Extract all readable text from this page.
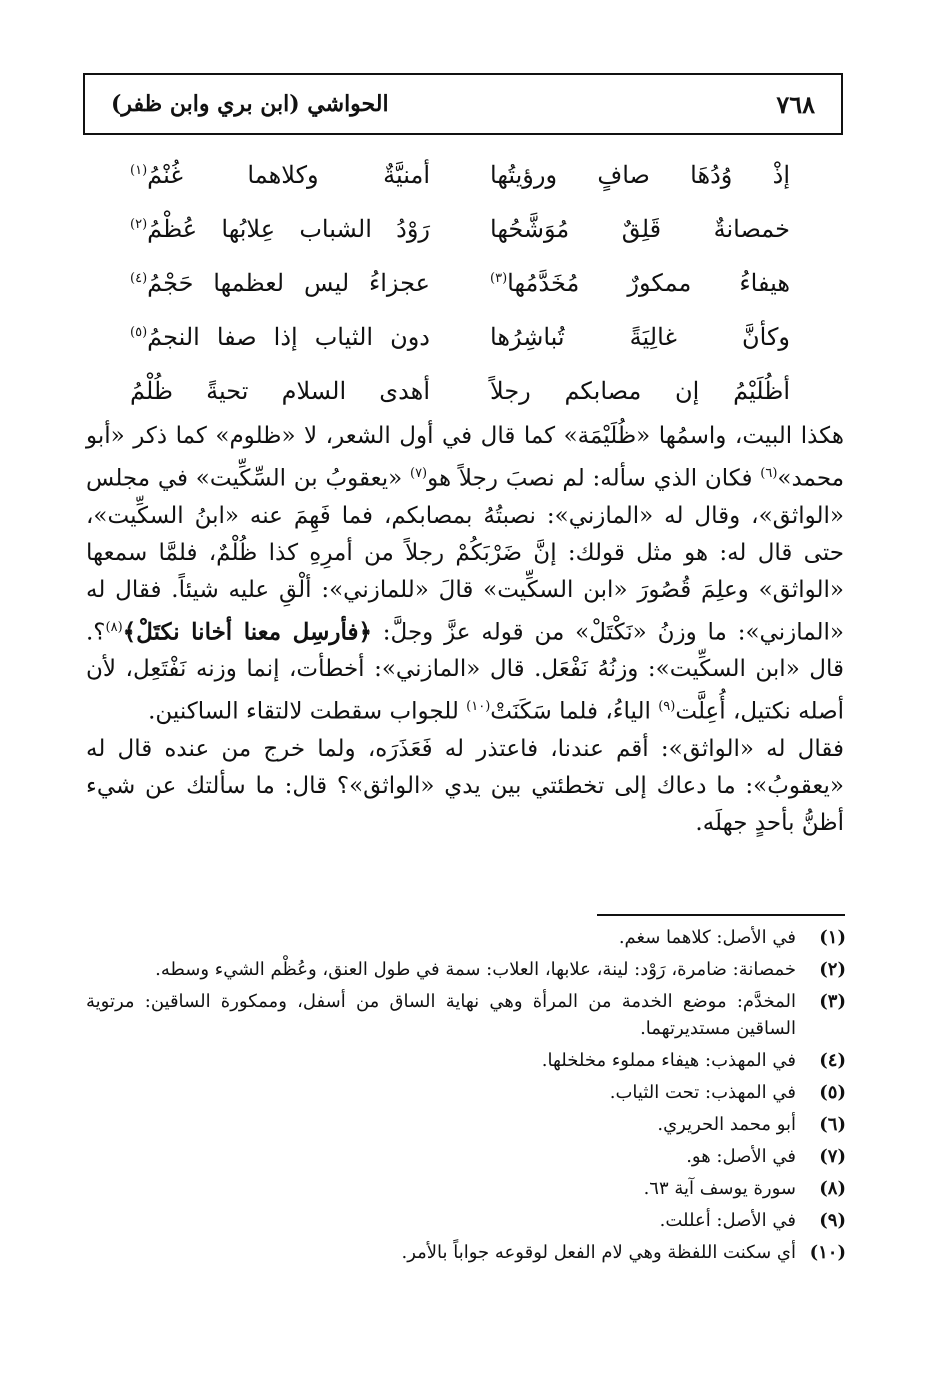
٧٦٨
الحواشي (ابن بري وابن ظفر)
إذْ وُدُهَا صافٍ ورؤيتُها
أمنيَّةٌ وكلاهما غُنْمُ$^{(١)}$
خمصانةٌ قَلِقٌ مُوَشَّحُها
رَوْدُ الشباب عِلابُها عُظْمُ$^{(٢)}$
هيفاءُ ممكورٌ مُخَدَّمُها$^{(٣)}$
عجزاءُ ليس لعظمها حَجْمُ$^{(٤)}$
وكأنَّ غالِيَةً تُباشِرُها
دون الثياب إذا صفا النجمُ$^{(٥)}$
أظُلَيْمُ إن مصابكم رجلاً
أهدى السلام تحيةً ظُلْمُ

هكذا البيت، واسمُها «ظُلَيْمَة» كما قال في أول الشعر، لا «ظلوم» كما ذكر «أبو محمد»$^{(٦)}$ فكان الذي سأله: لم نصبَ رجلاً هو$^{(٧)}$ «يعقوبُ بن السِّكِّيت» في مجلس «الواثق»، وقال له «المازني»: نصبتُهُ بمصابكم، فما فَهِمَ عنه «ابنُ السكِّيت»، حتى قال له: هو مثل قولك: إنَّ ضَرْبَكُمْ رجلاً من أمرِهِ كذا ظُلْمٌ، فلمَّا سمعها «الواثق» وعلِمَ قُصُورَ «ابن السكِّيت» قالَ «للمازني»: ألْقِ عليه شيئاً. فقال له «المازني»: ما وزنُ «نَكْتَلْ» من قوله عزَّ وجلَّ: ﴿فأرسِل معنا أخانا نكتَلْ﴾$^{(٨)}$؟. قال «ابن السكِّيت»: وزنُهُ نَفْعَل. قال «المازني»: أخطأت، إنما وزنه نَفْتَعِل، لأن أصله نكتيل، أُعِلَّت$^{(٩)}$ الياءُ، فلما سَكَنَتْ$^{(١٠)}$ للجواب سقطت لالتقاء الساكنين.

فقال له «الواثق»: أقم عندنا، فاعتذر له فَعَذَرَه، ولما خرج من عنده قال له «يعقوبُ»: ما دعاك إلى تخطئتي بين يدي «الواثق»؟ قال: ما سألتك عن شيء أظنُّ بأحدٍ جهلَه.

(١)
في الأصل: كلاهما سغم.
(٢)
خمصانة: ضامرة، رَوْد: لينة، علابها، العلاب: سمة في طول العنق، وعُظْم الشيء وسطه.
(٣)
المخدَّم: موضع الخدمة من المرأة وهي نهاية الساق من أسفل، وممكورة الساقين: مرتوية الساقين مستديرتهما.
(٤)
في المهذب: هيفاء مملوء مخلخلها.
(٥)
في المهذب: تحت الثياب.
(٦)
أبو محمد الحريري.
(٧)
في الأصل: هو.
(٨)
سورة يوسف آية ٦٣.
(٩)
في الأصل: أعللت.
(١٠)
أي سكنت اللفظة وهي لام الفعل لوقوعه جواباً بالأمر.
